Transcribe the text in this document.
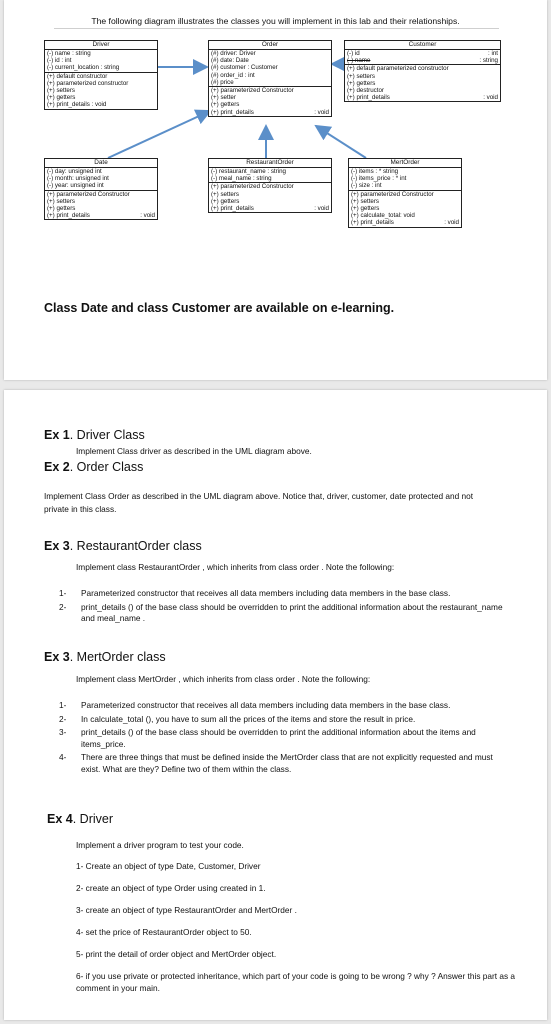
The following diagram illustrates the classes you will implement in this lab and their relationships.
Driver
(-) name : string
(-) id : int
(-) current_location : string
(+) default constructor
(+) parameterized constructor
(+) setters
(+) getters
(+) print_details : void
Order
(#) driver: Driver
(#) date: Date
(#) customer : Customer
(#) order_id : int
(#) price
(+) parameterized Constructor
(+) setter
(+) getters
(+) print_details	: void
Customer
(-) id	: int
(-) name	: string
(+) default parameterized constructor
(+) setters
(+) getters
(+) destructor
(+) print_details	: void
Date
(-) day: unsigned int
(-) month: unsigned int
(-) year: unsigned int
(+) parameterized Constructor
(+) setters
(+) getters
(+) print_details	: void
RestaurantOrder
(-) restaurant_name : string
(-) meal_name : string
(+) parameterized Constructor
(+) setters
(+) getters
(+) print_details	: void
MertOrder
(-) items : * string
(-) items_price : * int
(-) size : int
(+) parameterized Constructor
(+) setters
(+) getters
(+) calculate_total: void
(+) print_details	: void
Class Date and class Customer are available on e-learning.
Ex 1. Driver Class
Implement Class driver as described in the UML diagram above.
Ex 2. Order Class
Implement Class Order as described in the UML diagram above. Notice that, driver, customer, date protected and not private in this class.
Ex 3. RestaurantOrder class
Implement class RestaurantOrder , which inherits from class order . Note the following:
1- Parameterized constructor that receives all data members including data members in the base class.
2- print_details () of the base class should be overridden to print the additional information about the restaurant_name and meal_name .
Ex 3. MertOrder class
Implement class MertOrder , which inherits from class order . Note the following:
1- Parameterized constructor that receives all data members including data members in the base class.
2- In calculate_total (), you have to sum all the prices of the items and store the result in price.
3- print_details () of the base class should be overridden to print the additional information about the items and items_price.
4- There are three things that must be defined inside the MertOrder class that are not explicitly requested and must exist. What are they? Define two of them within the class.
Ex 4. Driver
Implement a driver program to test your code.
1- Create an object of type Date, Customer, Driver
2- create an object of type Order using created in 1.
3- create an object of type RestaurantOrder and MertOrder .
4- set the price of RestaurantOrder object to 50.
5- print the detail of order object and MertOrder object.
6- if you use private or protected inheritance, which part of your code is going to be wrong ? why ? Answer this part as a comment in your main.
